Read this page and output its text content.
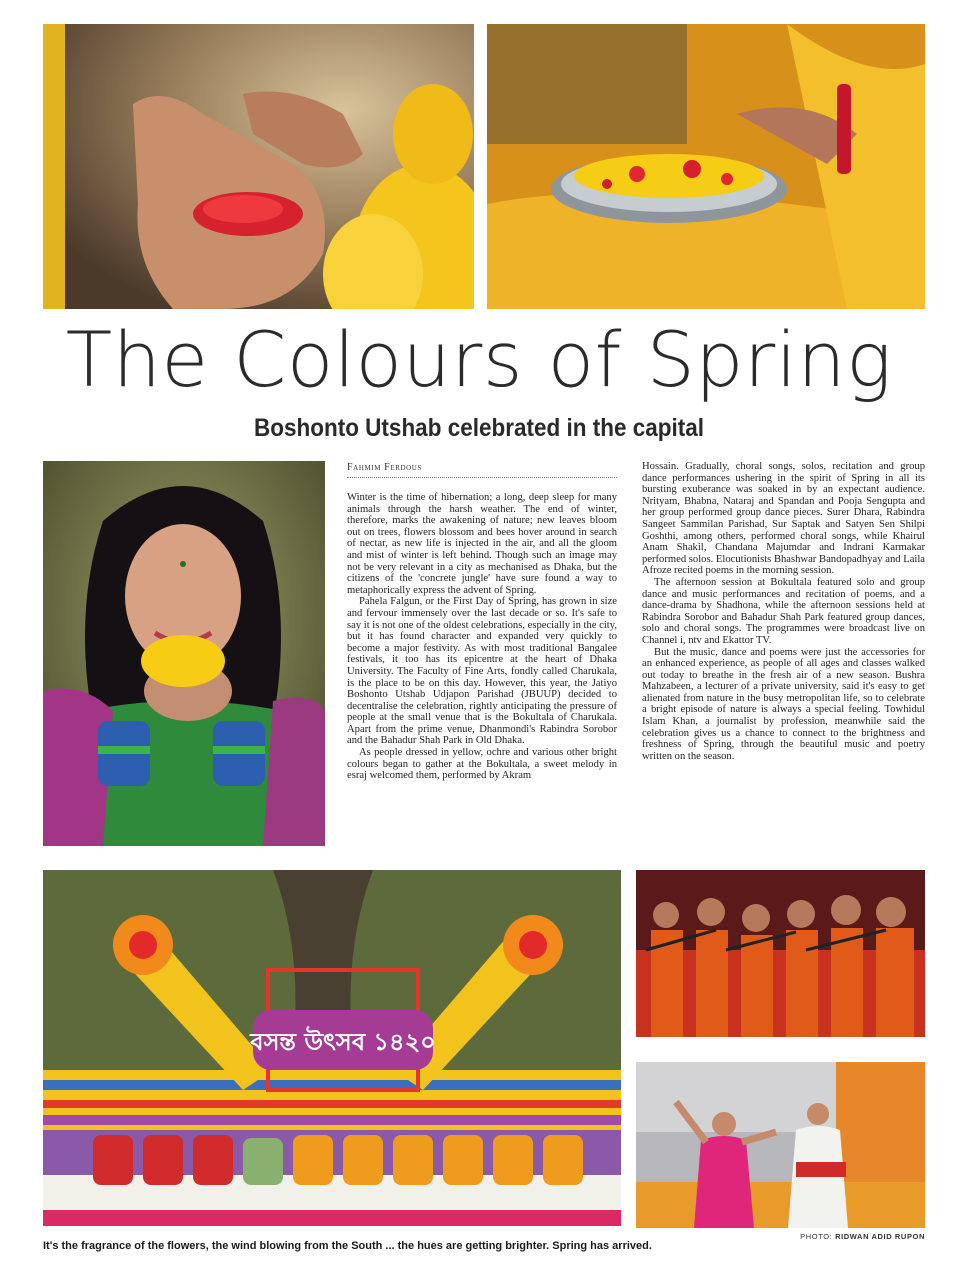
The Colours of Spring
Boshonto Utshab celebrated in the capital
Fahmim Ferdous

Winter is the time of hibernation; a long, deep sleep for many animals through the harsh weather. The end of winter, therefore, marks the awakening of nature; new leaves bloom out on trees, flowers blossom and bees hover around in search of nectar, as new life is injected in the air, and all the gloom and mist of winter is left behind. Though such an image may not be very relevant in a city as mechanised as Dhaka, but the citizens of the 'concrete jungle' have sure found a way to metaphorically express the advent of Spring.

Pahela Falgun, or the First Day of Spring, has grown in size and fervour immensely over the last decade or so. It's safe to say it is not one of the oldest celebrations, especially in the city, but it has found character and expanded very quickly to become a major festivity. As with most traditional Bangalee festivals, it too has its epicentre at the heart of Dhaka University. The Faculty of Fine Arts, fondly called Charukala, is the place to be on this day. However, this year, the Jatiyo Boshonto Utshab Udjapon Parishad (JBUUP) decided to decentralise the celebration, rightly anticipating the pressure of people at the small venue that is the Bokultala of Charukala. Apart from the prime venue, Dhanmondi's Rabindra Sorobor and the Bahadur Shah Park in Old Dhaka.

As people dressed in yellow, ochre and various other bright colours began to gather at the Bokultala, a sweet melody in esraj welcomed them, performed by Akram

Hossain. Gradually, choral songs, solos, recitation and group dance performances ushering in the spirit of Spring in all its bursting exuberance was soaked in by an expectant audience. Nrityam, Bhabna, Nataraj and Spandan and Pooja Sengupta and her group performed group dance pieces. Surer Dhara, Rabindra Sangeet Sammilan Parishad, Sur Saptak and Satyen Sen Shilpi Goshthi, among others, performed choral songs, while Khairul Anam Shakil, Chandana Majumdar and Indrani Karmakar performed solos. Elocutionists Bhashwar Bandopadhyay and Laila Afroze recited poems in the morning session.

The afternoon session at Bokultala featured solo and group dance and music performances and recitation of poems, and a dance-drama by Shadhona, while the afternoon sessions held at Rabindra Sorobor and Bahadur Shah Park featured group dances, solo and choral songs. The programmes were broadcast live on Channel i, ntv and Ekattor TV.

But the music, dance and poems were just the accessories for an enhanced experience, as people of all ages and classes walked out today to breathe in the fresh air of a new season. Bushra Mahzabeen, a lecturer of a private university, said it's easy to get alienated from nature in the busy metropolitan life, so to celebrate a bright episode of nature is always a special feeling. Towhidul Islam Khan, a journalist by profession, meanwhile said the celebration gives us a chance to connect to the brightness and freshness of Spring, through the beautiful music and poetry written on the season.

বসন্ত উৎসব ১৪২০
PHOTO: RIDWAN ADID RUPON
It's the fragrance of the flowers, the wind blowing from the South ... the hues are getting brighter. Spring has arrived.
